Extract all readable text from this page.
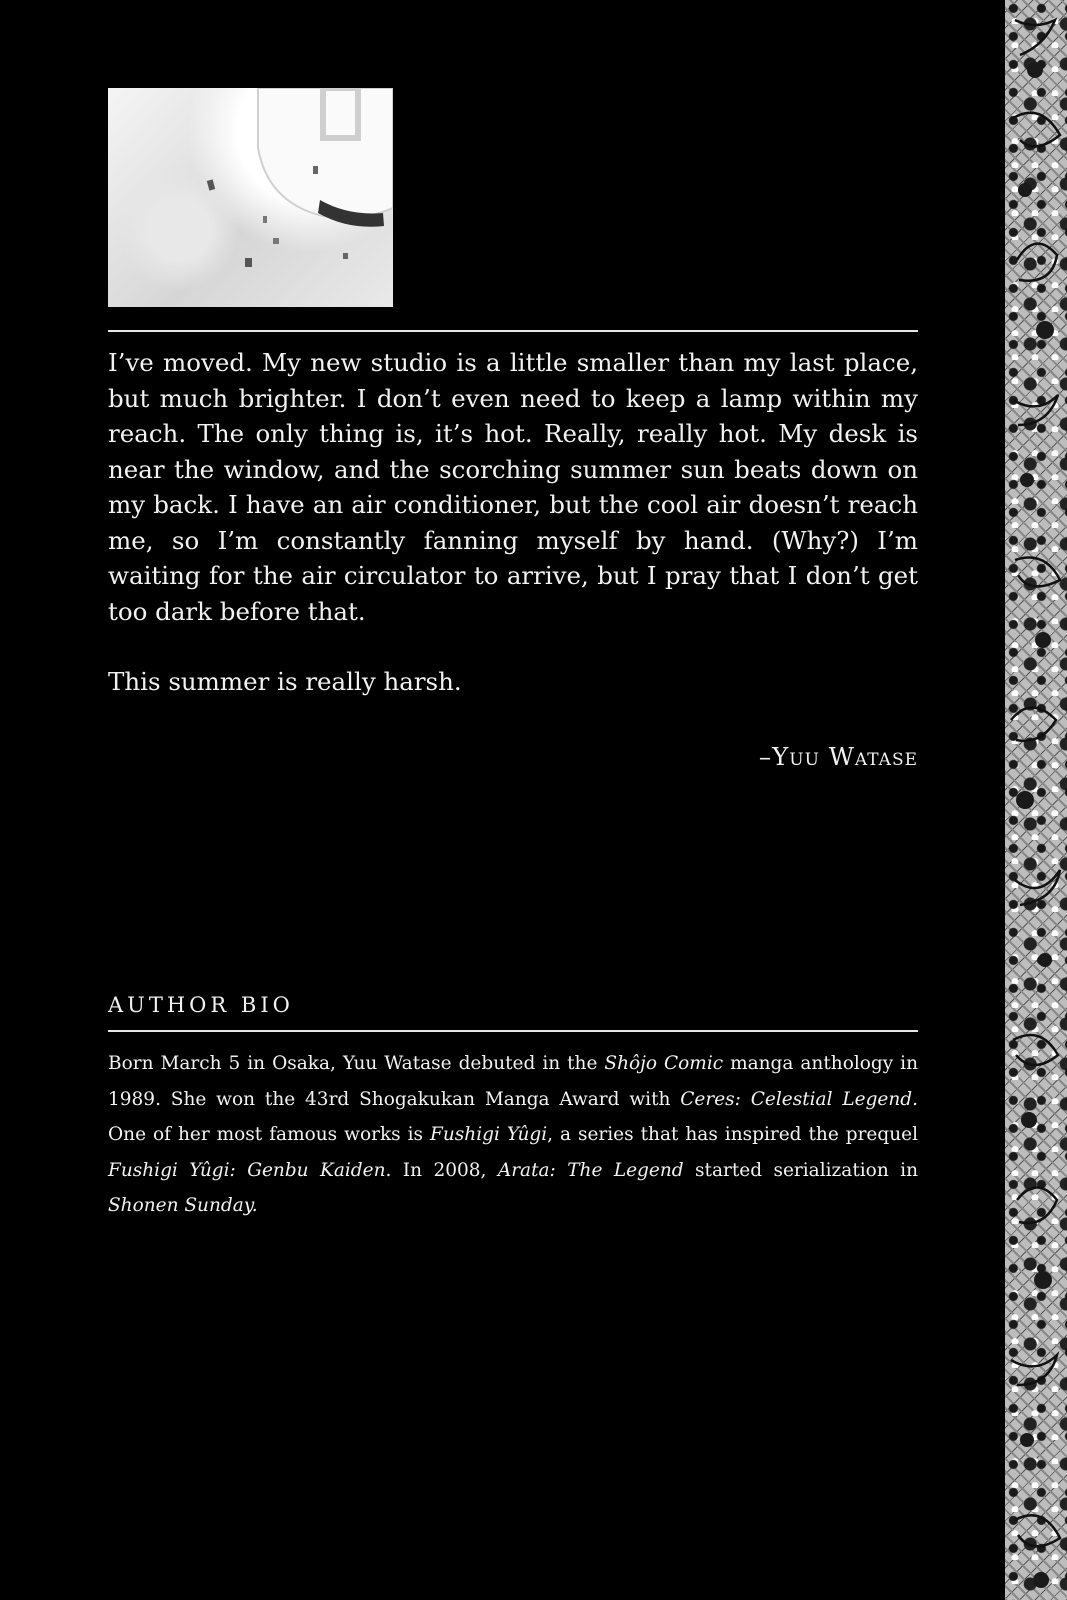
I’ve moved. My new studio is a little smaller than my last place, but much brighter. I don’t even need to keep a lamp within my reach. The only thing is, it’s hot. Really, really hot. My desk is near the window, and the scorching summer sun beats down on my back. I have an air conditioner, but the cool air doesn’t reach me, so I’m constantly fanning myself by hand. (Why?) I’m waiting for the air circulator to arrive, but I pray that I don’t get too dark before that.

This summer is really harsh.

–Yuu Watase
AUTHOR BIO

Born March 5 in Osaka, Yuu Watase debuted in the Shôjo Comic manga anthology in 1989. She won the 43rd Shogakukan Manga Award with Ceres: Celestial Legend. One of her most famous works is Fushigi Yûgi, a series that has inspired the prequel Fushigi Yûgi: Genbu Kaiden. In 2008, Arata: The Legend started serialization in Shonen Sunday.
